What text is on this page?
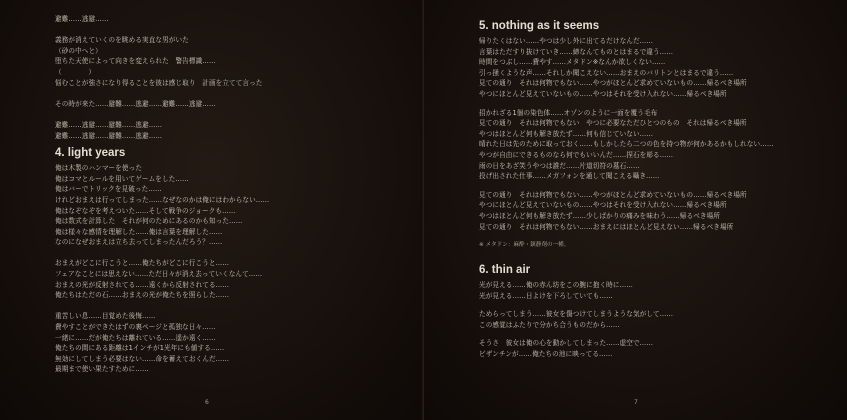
避難……逃避……
義務が消えていくのを眺める実直な男がいた
（砂の中へと）
堕ちた天使によって向きを変えられた　警告標識……
（　　　　）
悩むことが強さになり得ることを彼は感じ取り　計画を立てて言った
その時が来た……避難……逃避……避難……逃避……
避難……逃避……避難……逃避……
避難……逃避……避難……逃避……
4. light years
俺は木製のハンマーを使った
俺はコマとルールを用いてゲームをした……
俺はバーでトリックを見破った……
けれどおまえは行ってしまった……なぜなのかは俺にはわからない……
俺はなぞなぞを考えついた……そして戦争のジョークも……
俺は数式を計算した　それが何のためにあるのかも知った……
俺は様々な感情を理解した……俺は言葉を理解した……
なのになぜおまえは立ち去ってしまったんだろう？……
おまえがどこに行こうと……俺たちがどこに行こうと……
フェアなことには思えない……ただ日々が消え去っていくなんて……
おまえの光が反射されてる……遠くから反射されてる……
俺たちはただの石……おまえの光が俺たちを照らした……
重苦しい息……目覚めた後悔……
費やすことができたはずの裏ページと孤独な日々……
一緒に……だが俺たちは離れている……遥か遠く……
俺たちの間にある距離は1インチが1光年にも値する……
無効にしてしまう必要はない……命を蓄えておくんだ……
最期まで使い果たすために……
6
5. nothing as it seems
帰りたくはない……やつは少し外に出てるだけなんだ……
言葉はただすり抜けていき……締なんてものとはまるで違う……
時間をつぶし……費やす……メタドン※なんか欲しくない……
引っ掻くような声……それしか聞こえない……おまえのバリトンとはまるで違う……
見ての通り　それは何物でもない……やつがほとんど求めていないもの……帰るべき場所
やつにほとんど見えていないもの……やつはそれを受け入れない……帰るべき場所
招かれざる1個の染色体……オゾンのように一面を覆う毛布
見ての通り　それは何物でもない　やつに必要なただひとつのもの　それは帰るべき場所
やつはほとんど何も解き放たず……何も信じていない……
晴れた日は先のために取っておく……もしかしたら二つの色を持つ物が何かあるかもしれない……
やつが自由にできるものなら何でもいいんだ……捏石を彫る……
雨の日をあざ笑うやつは誰だ……片道切符の墓石……
投げ出された仕事……メガフォンを通して聞こえる囁き……
見ての通り　それは何物でもない……やつがほとんど求めていないもの……帰るべき場所
やつにほとんど見えていないもの……やつはそれを受け入れない……帰るべき場所
やつはほとんど何も解き放たず……少しばかりの痛みを味わう……帰るべき場所
見ての通り　それは何物でもない……おまえにはほとんど見えない……帰るべき場所
※ メタドン：麻酔・鎮静剤の一種。
6. thin air
光が見える……俺の赤ん坊をこの腕に抱く時に……
光が見える……日よけを下ろしていても……
ためらってしまう……彼女を傷つけてしまうような気がして……
この感覚はふたりで分かち合うものだから……
そうさ　彼女は俺の心を動かしてしまった……虚空で……
ビザンチンが……俺たちの池に映ってる……
7
